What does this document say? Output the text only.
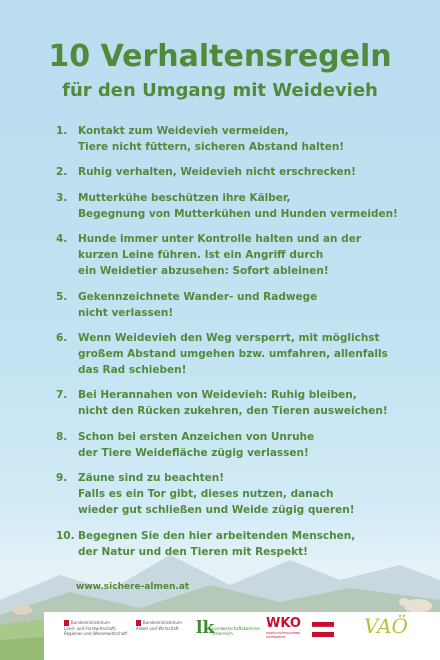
10 Verhaltensregeln
für den Umgang mit Weidevieh
1.	Kontakt zum Weidevieh vermeiden,
Tiere nicht füttern, sicheren Abstand halten!
2.	Ruhig verhalten, Weidevieh nicht erschrecken!
3.	Mutterkühe beschützen ihre Kälber,
Begegnung von Mutterkühen und Hunden vermeiden!
4.	Hunde immer unter Kontrolle halten und an der
kurzen Leine führen. Ist ein Angriff durch
ein Weidetier abzusehen: Sofort ableinen!
5.	Gekennzeichnete Wander- und Radwege
nicht verlassen!
6.	Wenn Weidevieh den Weg versperrt, mit möglichst
großem Abstand umgehen bzw. umfahren, allenfalls
das Rad schieben!
7.	Bei Herannahen von Weidevieh: Ruhig bleiben,
nicht den Rücken zukehren, den Tieren ausweichen!
8.	Schon bei ersten Anzeichen von Unruhe
der Tiere Weidefläche zügig verlassen!
9.	Zäune sind zu beachten!
Falls es ein Tor gibt, dieses nutzen, danach
wieder gut schließen und Weide zügig queren!
10. Begegnen Sie den hier arbeitenden Menschen,
der Natur und den Tieren mit Respekt!
www.sichere-almen.at
Bundesministerium
Land- und Forstwirtschaft,
Regionen und Wasserwirtschaft
Bundesministerium
Arbeit und Wirtschaft lk
Landwirtschaftskammer
Österreich
WKO
WIRTSCHAFTSKAMMER ÖSTERREICH	VAÖ
